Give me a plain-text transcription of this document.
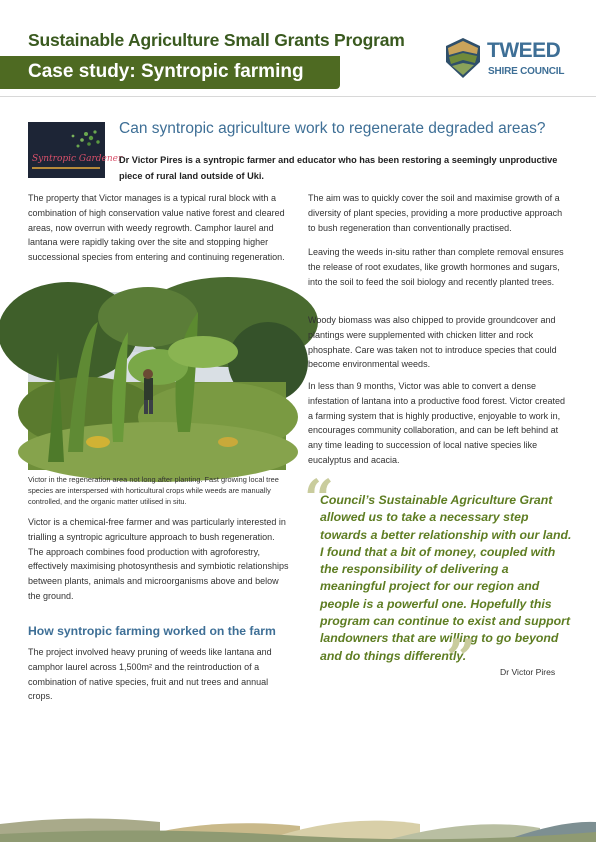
Sustainable Agriculture Small Grants Program
Case study: Syntropic farming
TWEED
SHIRE COUNCIL
Syntropic Gardener
Can syntropic agriculture work to regenerate degraded areas?
Dr Victor Pires is a syntropic farmer and educator who has been restoring a seemingly unproductive piece of rural land outside of Uki.
The property that Victor manages is a typical rural block with a combination of high conservation value native forest and cleared areas, now overrun with weedy regrowth. Camphor laurel and lantana were rapidly taking over the site and stopping higher successional species from entering and continuing regeneration.
Victor in the regeneration area not long after planting. Fast growing local tree species are interspersed with horticultural crops while weeds are manually controlled, and the organic matter utilised in situ.
Victor is a chemical-free farmer and was particularly interested in trialling a syntropic agriculture approach to bush regeneration. The approach combines food production with agroforestry, effectively maximising photosynthesis and symbiotic relationships between plants, animals and microorganisms above and below the ground.
How syntropic farming worked on the farm
The project involved heavy pruning of weeds like lantana and camphor laurel across 1,500m² and the reintroduction of a combination of native species, fruit and nut trees and annual crops.
The aim was to quickly cover the soil and maximise growth of a diversity of plant species, providing a more productive approach to bush regeneration than conventionally practised.
Leaving the weeds in-situ rather than complete removal ensures the release of root exudates, like growth hormones and sugars, into the soil to feed the soil biology and recently planted trees.
Woody biomass was also chipped to provide groundcover and plantings were supplemented with chicken litter and rock phosphate. Care was taken not to introduce species that could become environmental weeds.
In less than 9 months, Victor was able to convert a dense infestation of lantana into a productive food forest. Victor created a farming system that is highly productive, enjoyable to work in, encourages community collaboration, and can be left behind at any time leading to succession of local native species like eucalyptus and acacia.
“
Council’s Sustainable Agriculture Grant allowed us to take a necessary step towards a better relationship with our land. I found that a bit of money, coupled with the responsibility of delivering a meaningful project for our region and people is a powerful one. Hopefully this program can continue to exist and support landowners that are willing to go beyond and do things differently.
”	Dr Victor Pires
